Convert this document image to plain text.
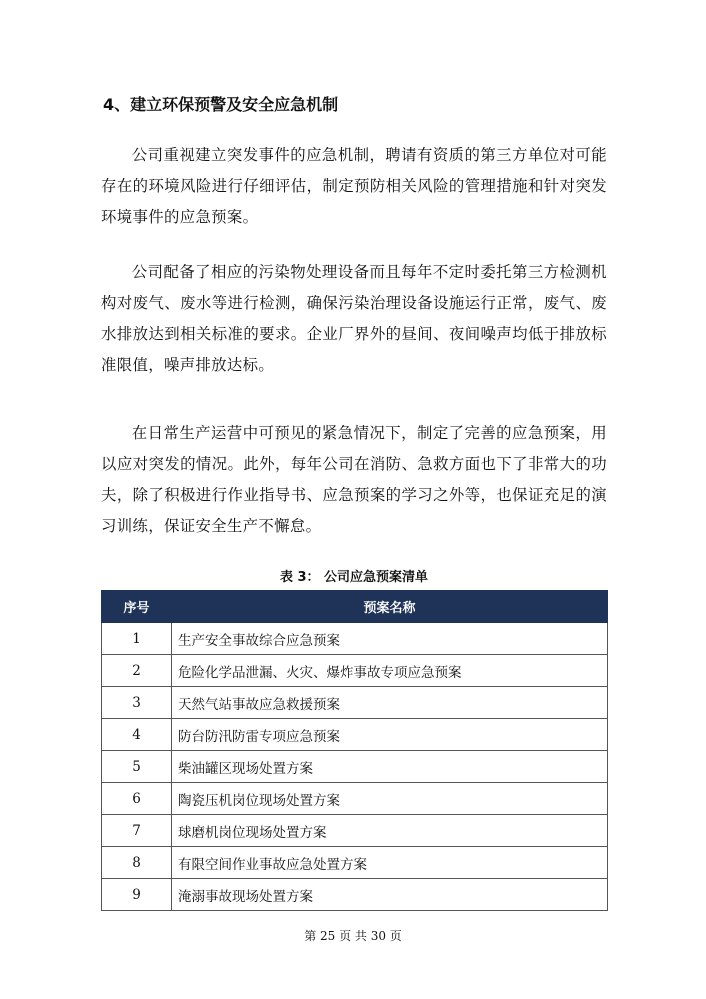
4、建立环保预警及安全应急机制

公司重视建立突发事件的应急机制，聘请有资质的第三方单位对可能存在的环境风险进行仔细评估，制定预防相关风险的管理措施和针对突发环境事件的应急预案。

公司配备了相应的污染物处理设备而且每年不定时委托第三方检测机构对废气、废水等进行检测，确保污染治理设备设施运行正常，废气、废水排放达到相关标准的要求。企业厂界外的昼间、夜间噪声均低于排放标准限值，噪声排放达标。

在日常生产运营中可预见的紧急情况下，制定了完善的应急预案，用以应对突发的情况。此外，每年公司在消防、急救方面也下了非常大的功夫，除了积极进行作业指导书、应急预案的学习之外等，也保证充足的演习训练，保证安全生产不懈怠。

表 3： 公司应急预案清单
序号	预案名称
1	生产安全事故综合应急预案
2	危险化学品泄漏、火灾、爆炸事故专项应急预案
3	天然气站事故应急救援预案
4	防台防汛防雷专项应急预案
5	柴油罐区现场处置方案
6	陶瓷压机岗位现场处置方案
7	球磨机岗位现场处置方案
8	有限空间作业事故应急处置方案
9	淹溺事故现场处置方案
第 25 页 共 30 页
